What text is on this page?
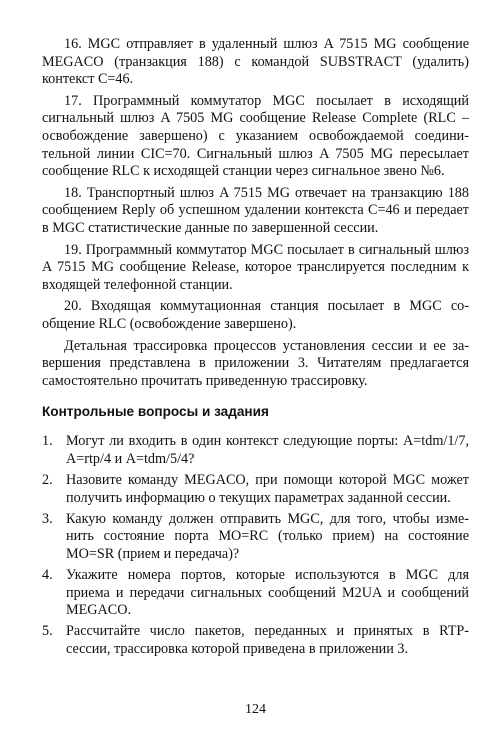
16. MGC отправляет в удаленный шлюз A 7515 MG сообщение MEGACO (транзакция 188) с командой SUBSTRACT (удалить) контекст C=46.

17. Программный коммутатор MGC посылает в исходящий сигнальный шлюз A 7505 MG сообщение Release Complete (RLC – освобождение завершено) с указанием освобождаемой соединительной линии CIC=70. Сигнальный шлюз A 7505 MG пересылает сообщение RLC к исходящей станции через сигнальное звено №6.

18. Транспортный шлюз A 7515 MG отвечает на транзакцию 188 сообщением Reply об успешном удалении контекста C=46 и передает в MGC статистические данные по завершенной сессии.

19. Программный коммутатор MGC посылает в сигнальный шлюз A 7515 MG сообщение Release, которое транслируется последним к входящей телефонной станции.

20. Входящая коммутационная станция посылает в MGC сообщение RLC (освобождение завершено).

Детальная трассировка процессов установления сессии и ее завершения представлена в приложении 3. Читателям предлагается самостоятельно прочитать приведенную трассировку.

Контрольные вопросы и задания
1. Могут ли входить в один контекст следующие порты: A=tdm/1/7, A=rtp/4 и A=tdm/5/4?
2. Назовите команду MEGACO, при помощи которой MGC может получить информацию о текущих параметрах заданной сессии.
3. Какую команду должен отправить MGC, для того, чтобы изменить состояние порта MO=RC (только прием) на состояние MO=SR (прием и передача)?
4. Укажите номера портов, которые используются в MGC для приема и передачи сигнальных сообщений M2UA и сообщений MEGACO.
5. Рассчитайте число пакетов, переданных и принятых в RTP-сессии, трассировка которой приведена в приложении 3.
124
